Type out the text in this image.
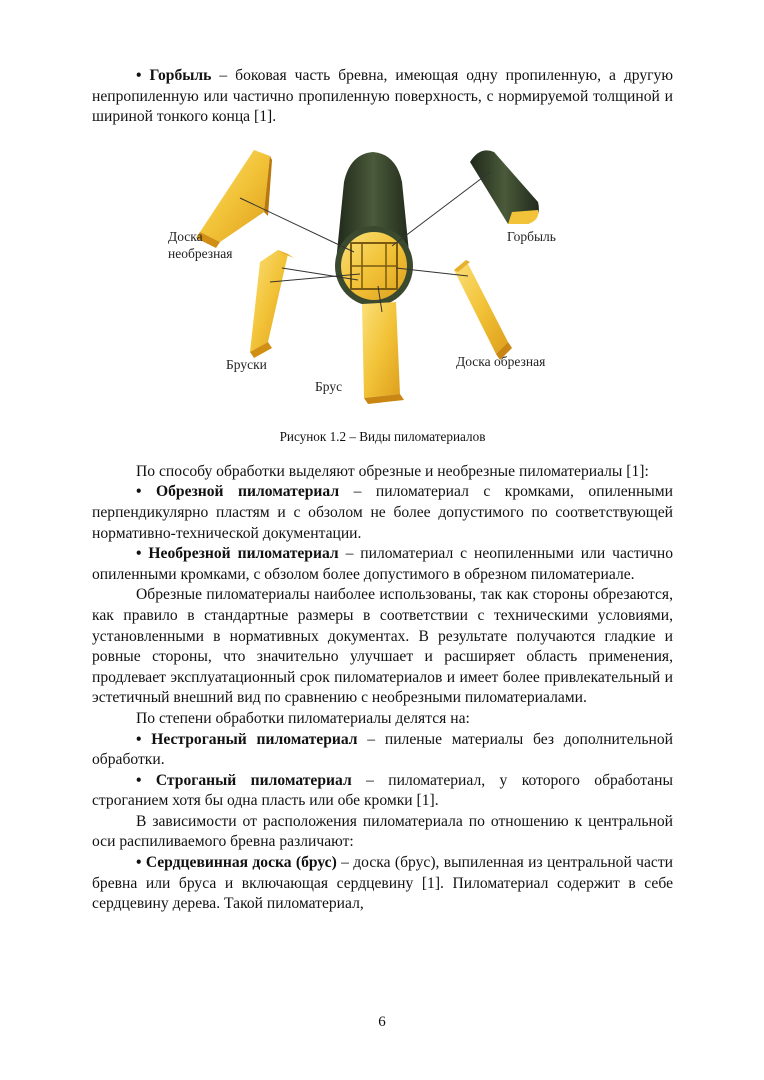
• Горбыль – боковая часть бревна, имеющая одну пропиленную, а другую непропиленную или частично пропиленную поверхность, с нормируемой толщиной и шириной тонкого конца [1].

Доска
необрезная
Горбыль
Бруски
Брус
Доска обрезная
Рисунок 1.2 – Виды пиломатериалов

По способу обработки выделяют обрезные и необрезные пиломатериалы [1]:

• Обрезной пиломатериал – пиломатериал с кромками, опиленными перпендикулярно пластям и с обзолом не более допустимого по соответствующей нормативно-технической документации.

• Необрезной пиломатериал – пиломатериал с неопиленными или частично опиленными кромками, с обзолом более допустимого в обрезном пиломатериале.

Обрезные пиломатериалы наиболее использованы, так как стороны обрезаются, как правило в стандартные размеры в соответствии с техническими условиями, установленными в нормативных документах. В результате получаются гладкие и ровные стороны, что значительно улучшает и расширяет область применения, продлевает эксплуатационный срок пиломатериалов и имеет более привлекательный и эстетичный внешний вид по сравнению с необрезными пиломатериалами.

По степени обработки пиломатериалы делятся на:

• Нестроганый пиломатериал – пиленые материалы без дополнительной обработки.

• Строганый пиломатериал – пиломатериал, у которого обработаны строганием хотя бы одна пласть или обе кромки [1].

В зависимости от расположения пиломатериала по отношению к центральной оси распиливаемого бревна различают:

• Сердцевинная доска (брус) – доска (брус), выпиленная из центральной части бревна или бруса и включающая сердцевину [1]. Пиломатериал содержит в себе сердцевину дерева. Такой пиломатериал,

6
